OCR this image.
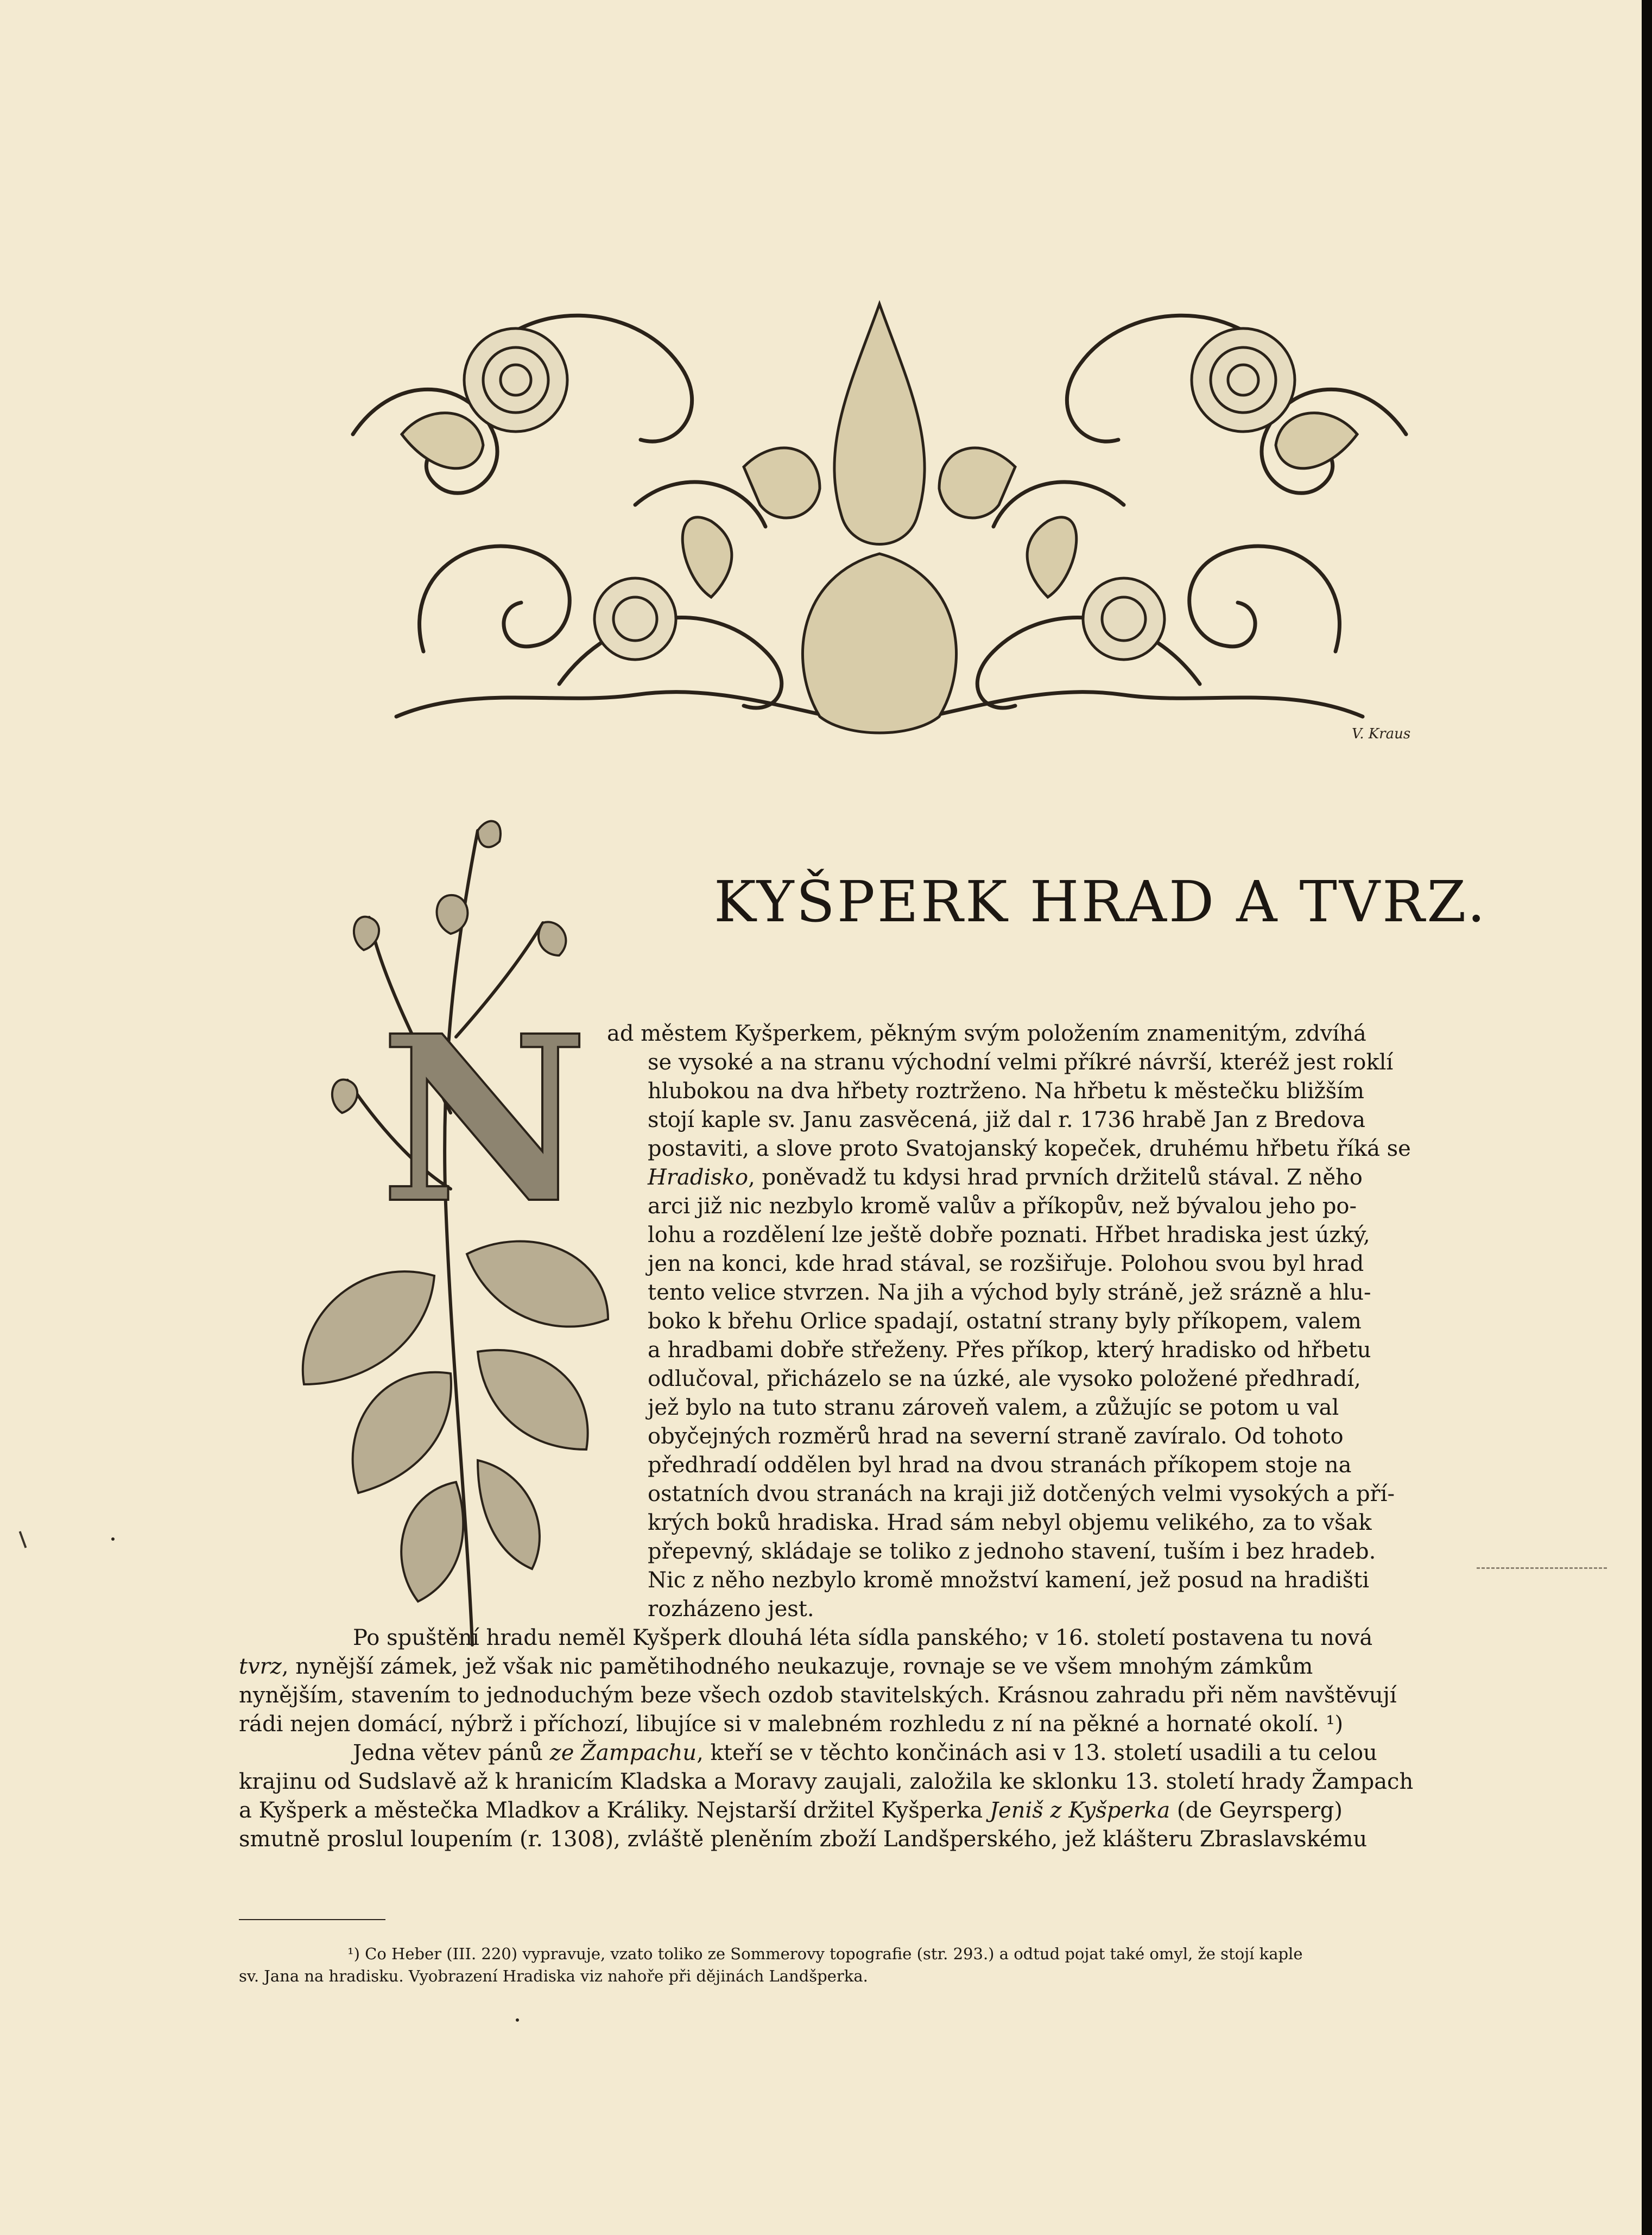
V. Kraus
N
KYŠPERK HRAD A TVRZ.
ad městem Kyšperkem, pěkným svým položením znamenitým, zdvíhá
se vysoké a na stranu východní velmi příkré návrší, kteréž jest roklí
hlubokou na dva hřbety roztrženo. Na hřbetu k městečku bližším
stojí kaple sv. Janu zasvěcená, již dal r. 1736 hrabě Jan z Bredova
postaviti, a slove proto Svatojanský kopeček, druhému hřbetu říká se
Hradisko, poněvadž tu kdysi hrad prvních držitelů stával. Z něho
arci již nic nezbylo kromě valův a příkopův, než bývalou jeho po-
lohu a rozdělení lze ještě dobře poznati. Hřbet hradiska jest úzký,
jen na konci, kde hrad stával, se rozšiřuje. Polohou svou byl hrad
tento velice stvrzen. Na jih a východ byly stráně, jež srázně a hlu-
boko k břehu Orlice spadají, ostatní strany byly příkopem, valem
a hradbami dobře střeženy. Přes příkop, který hradisko od hřbetu
odlučoval, přicházelo se na úzké, ale vysoko položené předhradí,
jež bylo na tuto stranu zároveň valem, a zůžujíc se potom u val
obyčejných rozměrů hrad na severní straně zavíralo. Od tohoto
předhradí oddělen byl hrad na dvou stranách příkopem stoje na
ostatních dvou stranách na kraji již dotčených velmi vysokých a pří-
krých boků hradiska. Hrad sám nebyl objemu velikého, za to však
přepevný, skládaje se toliko z jednoho stavení, tuším i bez hradeb.
Nic z něho nezbylo kromě množství kamení, jež posud na hradišti
rozházeno jest.
Po spuštění hradu neměl Kyšperk dlouhá léta sídla panského; v 16. století postavena tu nová
tvrz, nynější zámek, jež však nic pamětihodného neukazuje, rovnaje se ve všem mnohým zámkům
nynějším, stavením to jednoduchým beze všech ozdob stavitelských. Krásnou zahradu při něm navštěvují
rádi nejen domácí, nýbrž i příchozí, libujíce si v malebném rozhledu z ní na pěkné a hornaté okolí. ¹)
Jedna větev pánů ze Žampachu, kteří se v těchto končinách asi v 13. století usadili a tu celou
krajinu od Sudslavě až k hranicím Kladska a Moravy zaujali, založila ke sklonku 13. století hrady Žampach
a Kyšperk a městečka Mladkov a Králiky. Nejstarší držitel Kyšperka Jeniš z Kyšperka (de Geyrsperg)
smutně proslul loupením (r. 1308), zvláště pleněním zboží Landšperského, jež klášteru Zbraslavskému
¹) Co Heber (III. 220) vypravuje, vzato toliko ze Sommerovy topografie (str. 293.) a odtud pojat také omyl, že stojí kaple
sv. Jana na hradisku. Vyobrazení Hradiska viz nahoře při dějinách Landšperka.
